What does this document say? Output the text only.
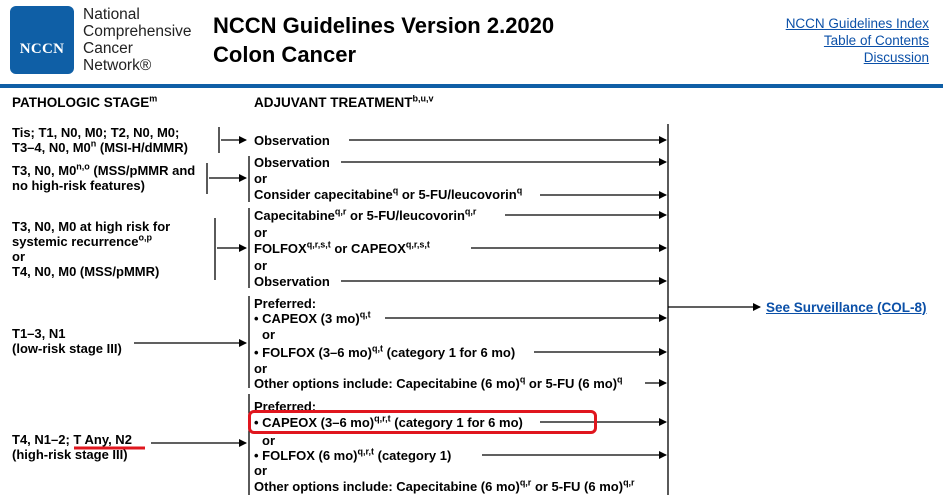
NCCN
National
Comprehensive
Cancer
Network®
NCCN Guidelines Version 2.2020
Colon Cancer
NCCN Guidelines Index
Table of Contents
Discussion
PATHOLOGIC STAGE$^m$	ADJUVANT TREATMENT$^{b,u,v}$
Tis; T1, N0, M0; T2, N0, M0;
T3–4, N0, M0$^n$ (MSI-H/dMMR)
T3, N0, M0$^{n,o}$ (MSS/pMMR and
no high-risk features)
T3, N0, M0 at high risk for
systemic recurrence$^{o,p}$
or
T4, N0, M0 (MSS/pMMR)
T1–3, N1
(low-risk stage III)
T4, N1–2; T Any, N2
(high-risk stage III)
Observation
Observation
or
Consider capecitabine$^q$ or 5-FU/leucovorin$^q$
Capecitabine$^{q,r}$ or 5-FU/leucovorin$^{q,r}$
or
FOLFOX$^{q,r,s,t}$ or CAPEOX$^{q,r,s,t}$
or
Observation
Preferred:
• CAPEOX (3 mo)$^{q,t}$
or
• FOLFOX (3–6 mo)$^{q,t}$ (category 1 for 6 mo)
or
Other options include: Capecitabine (6 mo)$^q$ or 5-FU (6 mo)$^q$
Preferred:
• CAPEOX (3–6 mo)$^{q,r,t}$ (category 1 for 6 mo)
or
• FOLFOX (6 mo)$^{q,r,t}$ (category 1)
or
Other options include: Capecitabine (6 mo)$^{q,r}$ or 5-FU (6 mo)$^{q,r}$
See Surveillance (COL-8)
